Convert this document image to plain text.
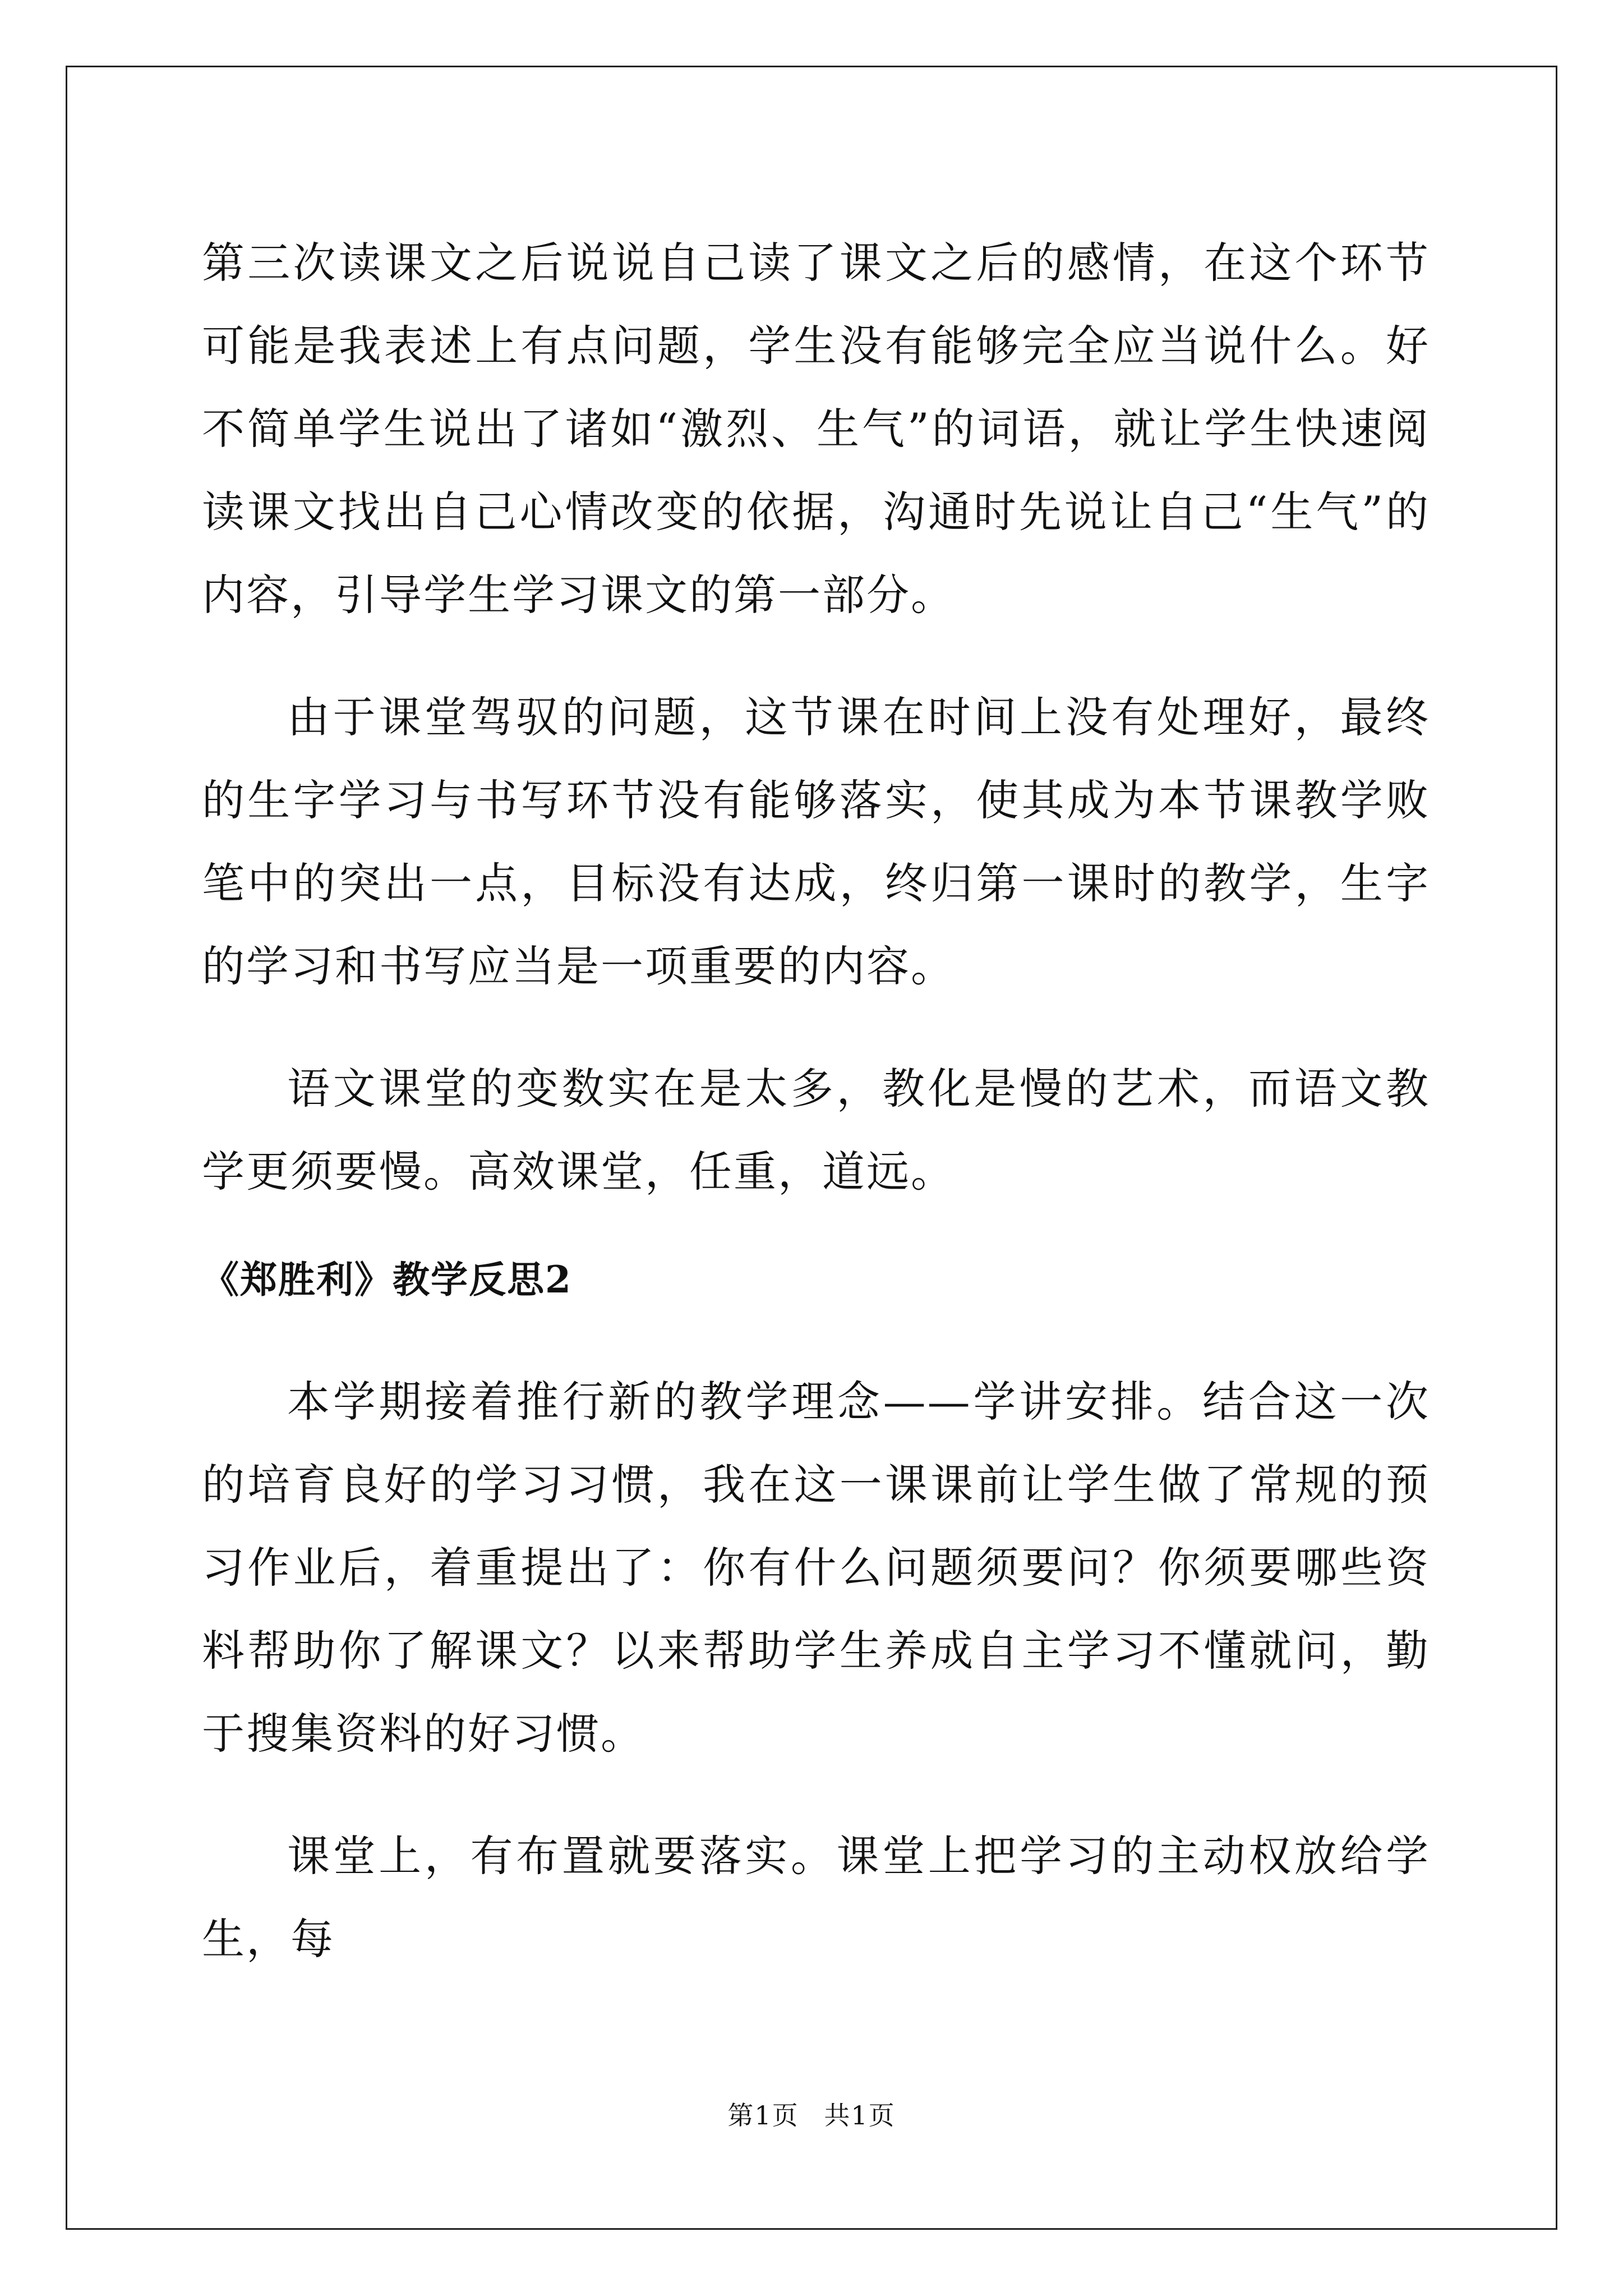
第三次读课文之后说说自己读了课文之后的感情，在这个环节可能是我表述上有点问题，学生没有能够完全应当说什么。好不简单学生说出了诸如“激烈、生气”的词语，就让学生快速阅读课文找出自己心情改变的依据，沟通时先说让自己“生气”的内容，引导学生学习课文的第一部分。

由于课堂驾驭的问题，这节课在时间上没有处理好，最终的生字学习与书写环节没有能够落实，使其成为本节课教学败笔中的突出一点，目标没有达成，终归第一课时的教学，生字的学习和书写应当是一项重要的内容。

语文课堂的变数实在是太多，教化是慢的艺术，而语文教学更须要慢。高效课堂，任重，道远。

《郑胜利》教学反思2

本学期接着推行新的教学理念——学讲安排。结合这一次的培育良好的学习习惯，我在这一课课前让学生做了常规的预习作业后，着重提出了：你有什么问题须要问？你须要哪些资料帮助你了解课文？以来帮助学生养成自主学习不懂就问，勤于搜集资料的好习惯。

课堂上，有布置就要落实。课堂上把学习的主动权放给学生，每

第1页 共1页
